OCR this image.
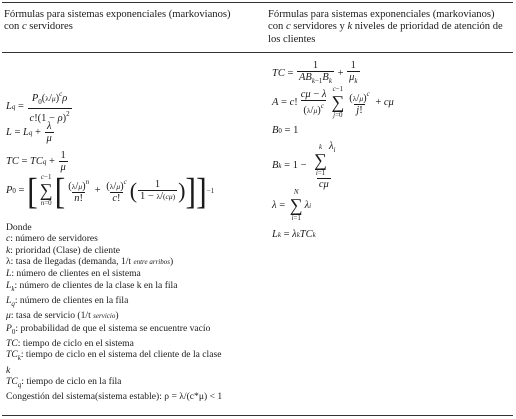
Fórmulas para sistemas exponenciales (markovianos)
con c servidores
Fórmulas para sistemas exponenciales (markovianos)
con c servidores y k niveles de prioridad de atención de
los clientes
L $q = \frac{P_0(\lambda/\mu)^c\rho}{c!(1 - \rho)^2}$
L = L $q + \frac{\lambda}{\mu}$
TC = TC $q + \frac{1}{\mu}$
P 0 = [ c−1
∑
n=0 [ $\frac{(\lambda/\mu)^n}{n!} + \frac{(\lambda/\mu)^c}{c!}$ ( $\frac{1}{1 - \lambda/(c\mu)}$ ) ] ] −1
TC = $\frac{1}{AB_{k-1}B_k} + \frac{1}{\mu_k}$
A = c ! $\frac{c\mu - \lambda}{(\lambda/\mu)^c} c-1$
∑
$j=0 \frac{(\lambda/\mu)^c}{j!} + c\mu$
B 0 = 1
B k = 1 − k
∑
i=1
$\lambda_i$
cμ
λ =
N
∑
i=1
λ i
L k = λ k TC k
Donde
c: número de servidores
k: prioridad (Clase) de cliente
λ: tasa de llegadas (demanda, 1/t entre arribos)
L: número de clientes en el sistema
$L_k$: número de clientes de la clase k en la fila
$L_q$: número de clientes en la fila
μ: tasa de servicio (1/t servicio)
$P_0$: probabilidad de que el sistema se encuentre vacío
TC: tiempo de ciclo en el sistema
$TC_k$: tiempo de ciclo en el sistema del cliente de la clase
k
$TC_q$: tiempo de ciclo en la fila
Congestión del sistema(sistema estable): ρ = λ/(c*μ) < 1
